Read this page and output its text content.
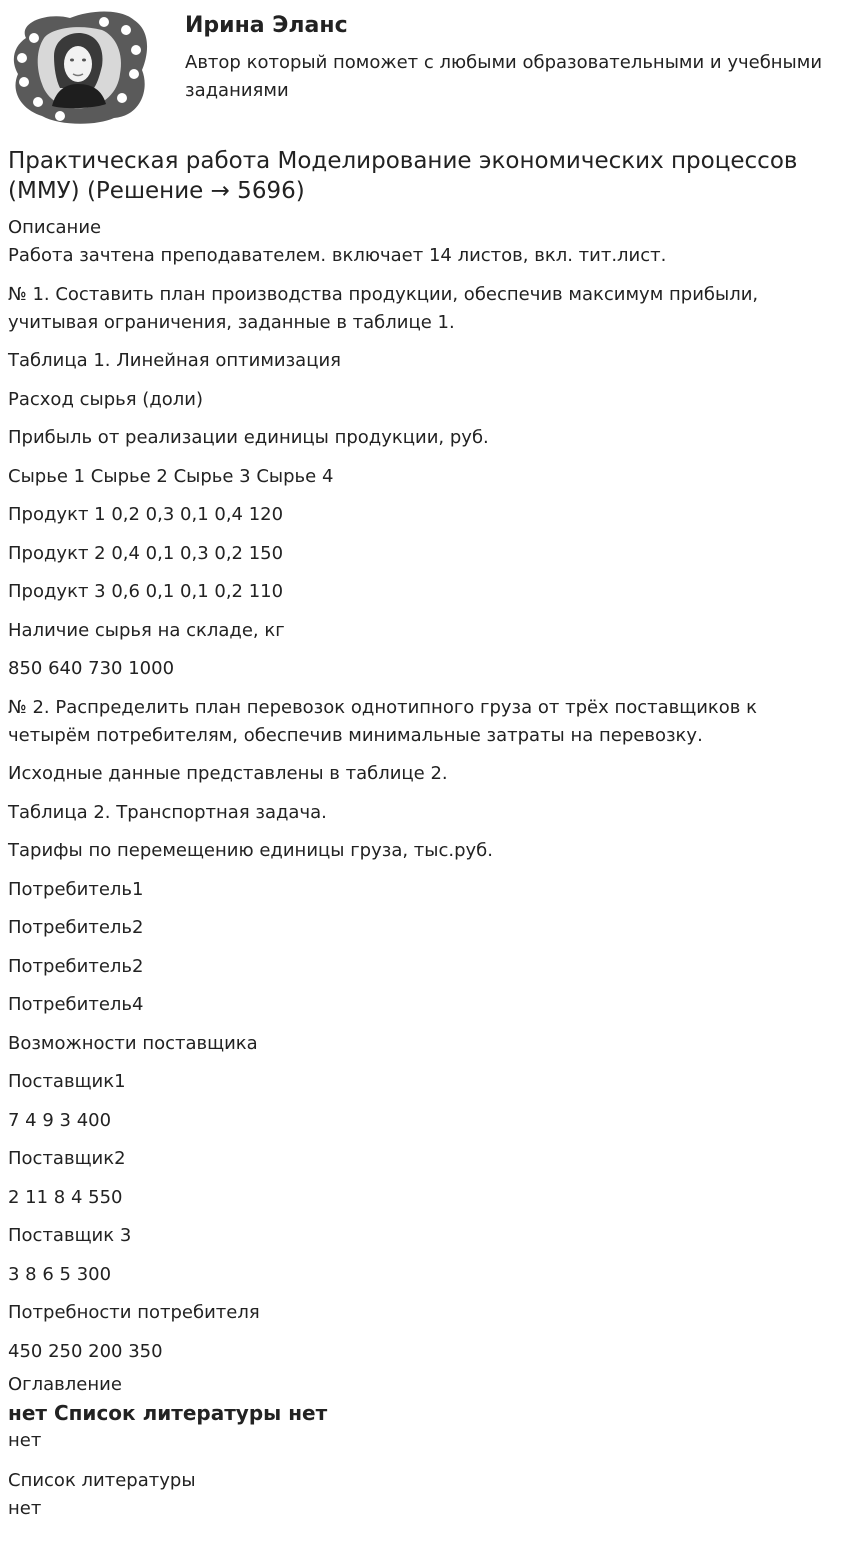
Ирина Эланс
Автор который поможет с любыми образовательными и учебными заданиями
Практическая работа Моделирование экономических процессов (ММУ) (Решение → 5696)
Описание
Работа зачтена преподавателем. включает 14 листов, вкл. тит.лист.
№ 1. Составить план производства продукции, обеспечив максимум прибыли, учитывая ограничения, заданные в таблице 1.
Таблица 1. Линейная оптимизация
Расход сырья (доли)
Прибыль от реализации единицы продукции, руб.
Сырье 1 Сырье 2 Сырье 3 Сырье 4
Продукт 1 0,2 0,3 0,1 0,4 120
Продукт 2 0,4 0,1 0,3 0,2 150
Продукт 3 0,6 0,1 0,1 0,2 110
Наличие сырья на складе, кг
850 640 730 1000
№ 2. Распределить план перевозок однотипного груза от трёх поставщиков к четырём потребителям, обеспечив минимальные затраты на перевозку.
Исходные данные представлены в таблице 2.
Таблица 2. Транспортная задача.
Тарифы по перемещению единицы груза, тыс.руб.
Потребитель1
Потребитель2
Потребитель2
Потребитель4
Возможности поставщика
Поставщик1
7 4 9 3 400
Поставщик2
2 11 8 4 550
Поставщик 3
3 8 6 5 300
Потребности потребителя
450 250 200 350
Оглавление
нет Список литературы нет
нет
Список литературы
нет
